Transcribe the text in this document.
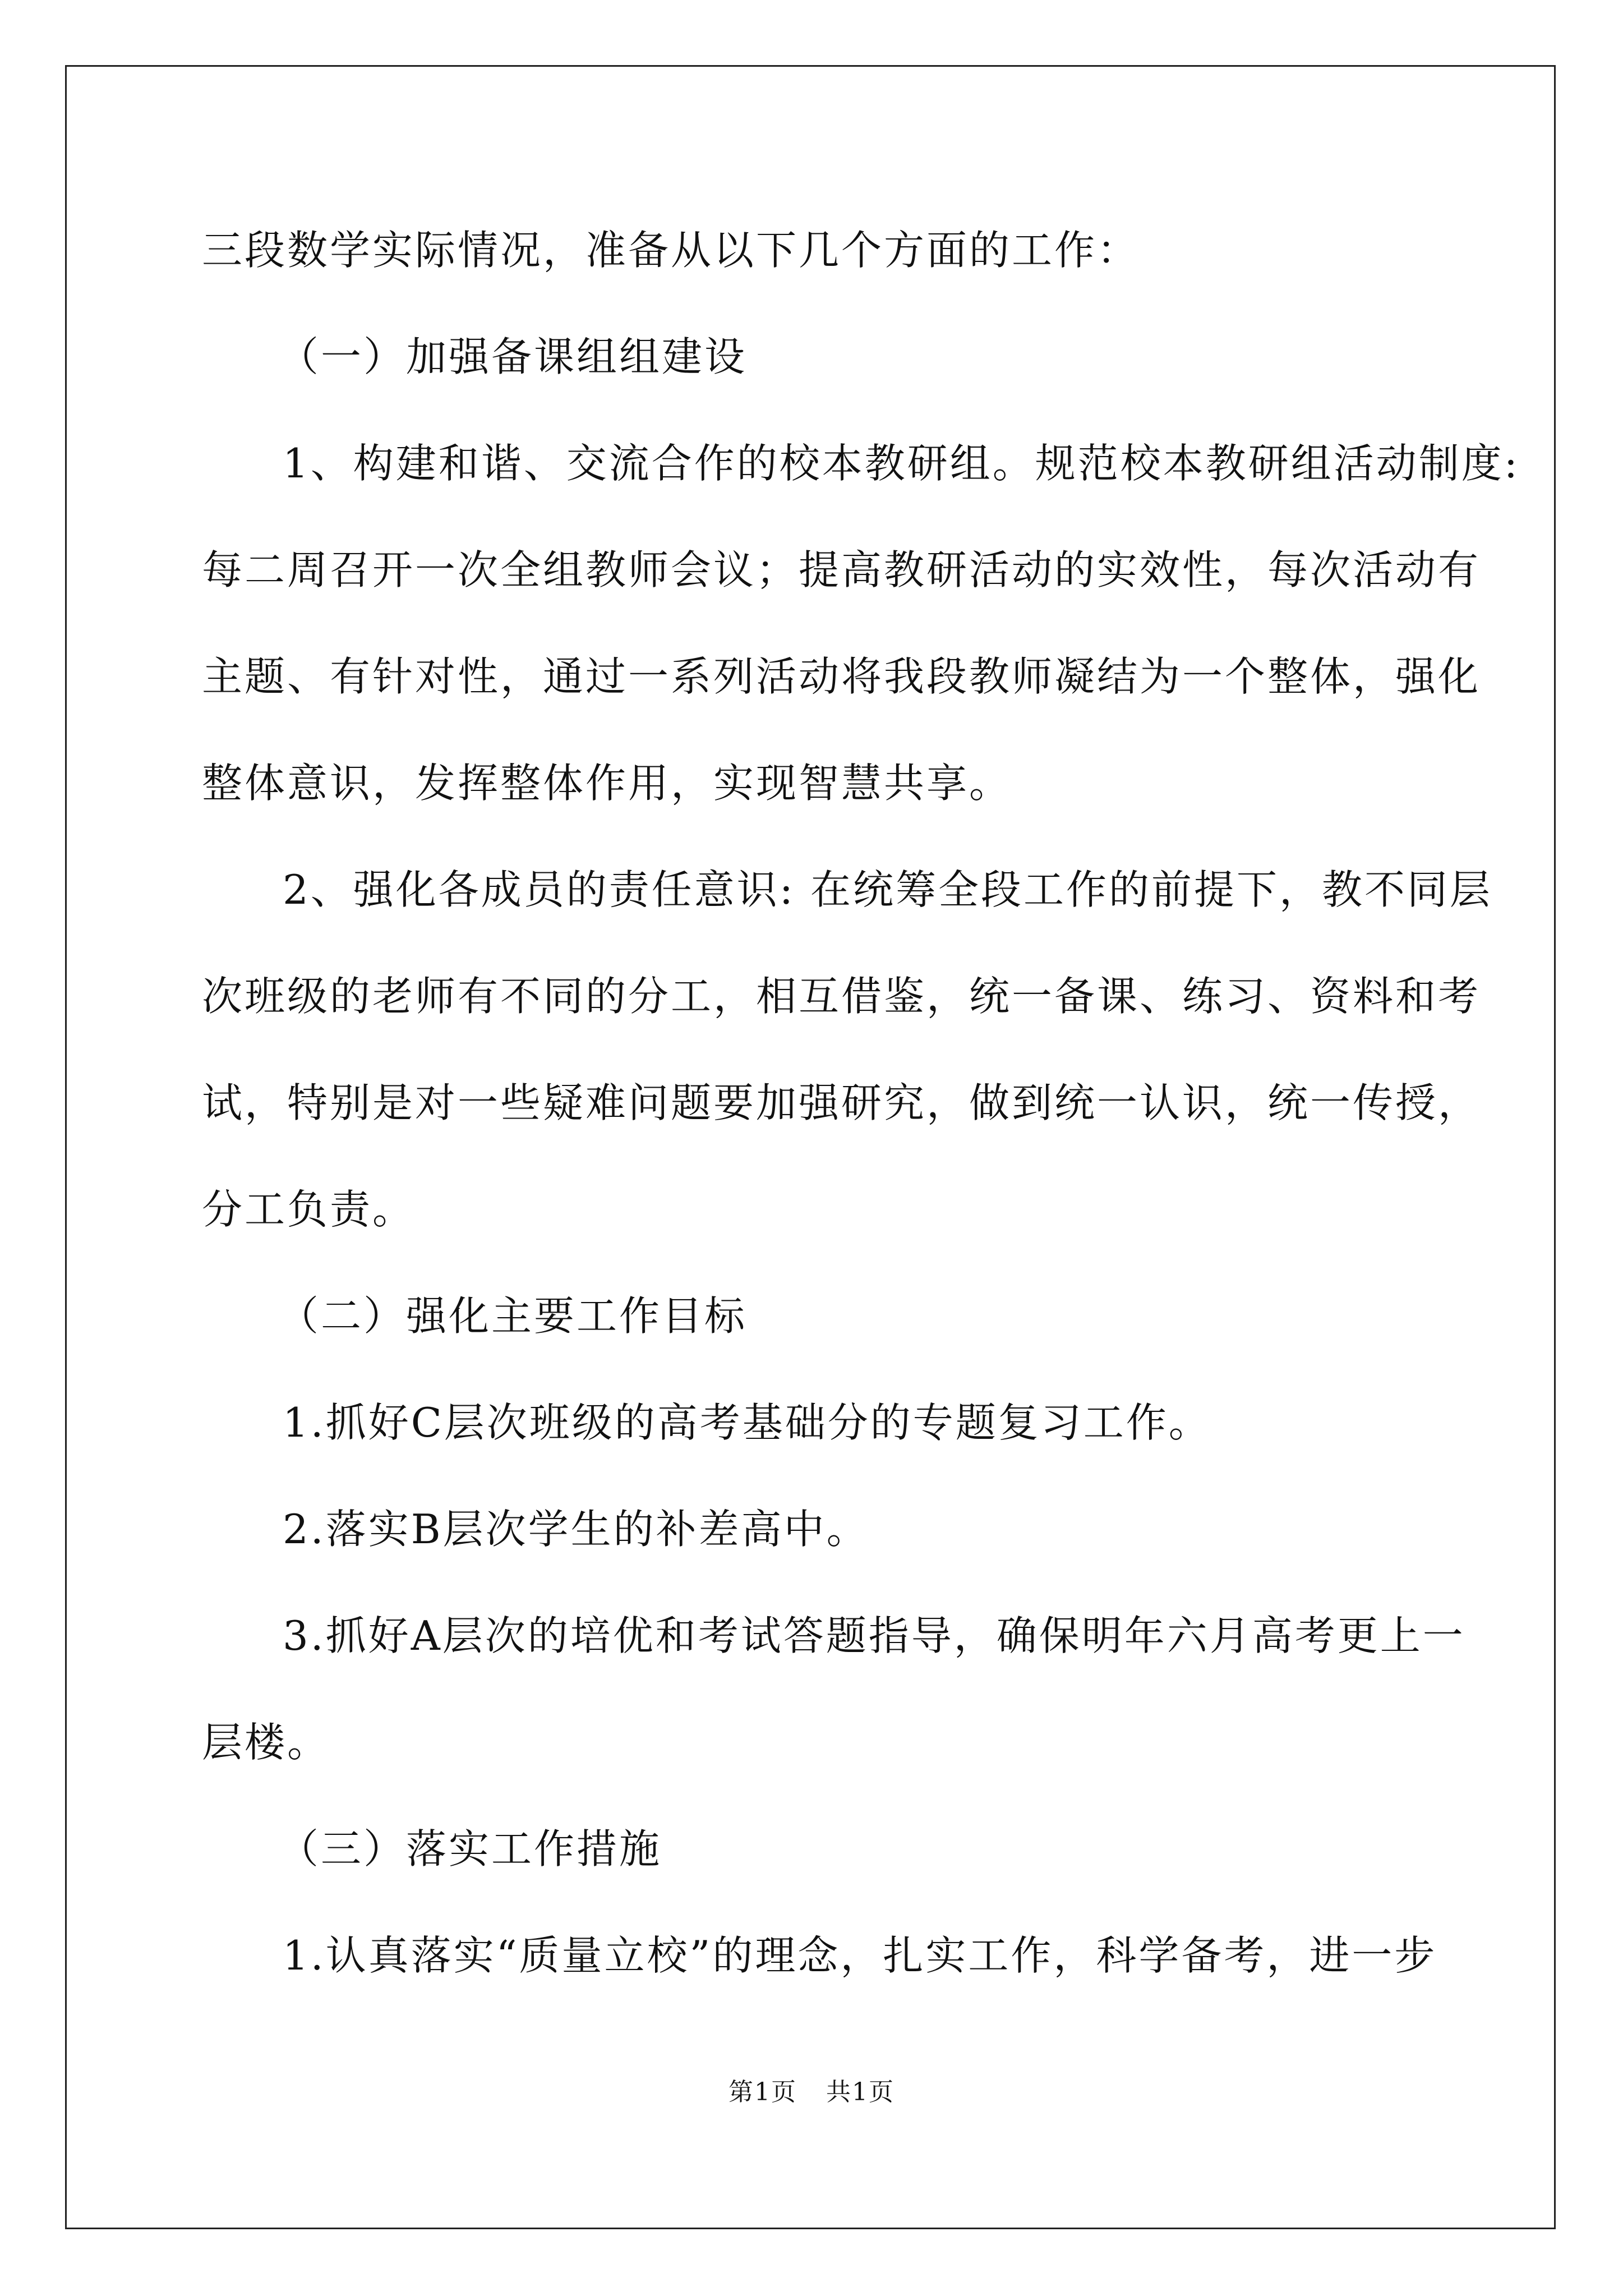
三段数学实际情况，准备从以下几个方面的工作：
（一）加强备课组组建设
1、构建和谐、交流合作的校本教研组。规范校本教研组活动制度:
每二周召开一次全组教师会议；提高教研活动的实效性，每次活动有
主题、有针对性，通过一系列活动将我段教师凝结为一个整体，强化
整体意识，发挥整体作用，实现智慧共享。
2、强化各成员的责任意识: 在统筹全段工作的前提下，教不同层
次班级的老师有不同的分工，相互借鉴，统一备课、练习、资料和考
试，特别是对一些疑难问题要加强研究，做到统一认识，统一传授，
分工负责。
（二）强化主要工作目标
1.抓好C层次班级的高考基础分的专题复习工作。
2.落实B层次学生的补差高中。
3.抓好A层次的培优和考试答题指导，确保明年六月高考更上一
层楼。
（三）落实工作措施
1.认真落实“质量立校”的理念，扎实工作，科学备考，进一步
第1页 共1页
